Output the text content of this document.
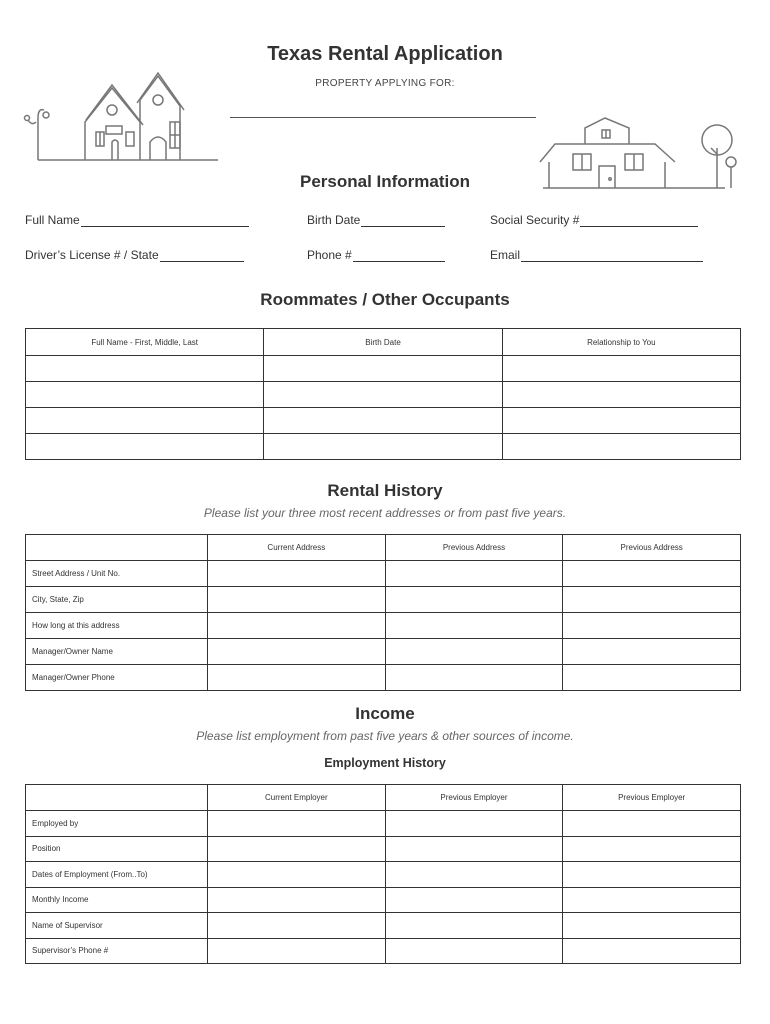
Texas Rental Application
PROPERTY APPLYING FOR:
Personal Information
Full Name	Birth Date	Social Security #
Driver’s License # / State	Phone #	Email
Roommates / Other Occupants
Full Name - First, Middle, Last	Birth Date	Relationship to You

Rental History
Please list your three most recent addresses or from past five years.
	Current Address	Previous Address	Previous Address
Street Address / Unit No.			
City, State, Zip			
How long at this address			
Manager/Owner Name			
Manager/Owner Phone			
Income
Please list employment from past five years & other sources of income.
Employment History
	Current Employer	Previous Employer	Previous Employer
Employed by			
Position			
Dates of Employment (From..To)			
Monthly Income			
Name of Supervisor			
Supervisor’s Phone #			
